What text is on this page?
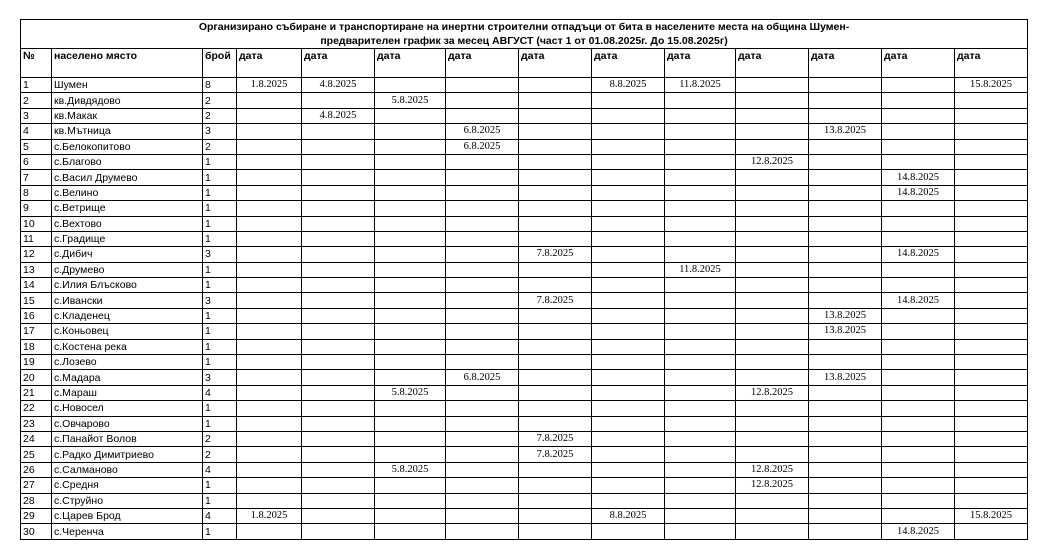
Организирано събиране и транспортиране на инертни строителни отпадъци от бита в населените места на община Шумен-
предварителен график за месец АВГУСТ (част 1 от 01.08.2025г. До 15.08.2025г)													
№	населено място	брой	дата	дата	дата	дата	дата	дата	дата	дата	дата	дата	дата
1	Шумен	8	1.8.2025	4.8.2025				8.8.2025	11.8.2025				15.8.2025
2	кв.Дивдядово	2			5.8.2025								
3	кв.Макак	2		4.8.2025									
4	кв.Мътница	3				6.8.2025					13.8.2025		
5	с.Белокопитово	2				6.8.2025							
6	с.Благово	1								12.8.2025			
7	с.Васил Друмево	1										14.8.2025	
8	с.Велино	1										14.8.2025	
9	с.Ветрище	1											
10	с.Вехтово	1											
11	с.Градище	1											
12	с.Дибич	3					7.8.2025					14.8.2025	
13	с.Друмево	1							11.8.2025				
14	с.Илия Блъсково	1											
15	с.Ивански	3					7.8.2025					14.8.2025	
16	с.Кладенец	1									13.8.2025		
17	с.Коньовец	1									13.8.2025		
18	с.Костена река	1											
19	с.Лозево	1											
20	с.Мадара	3				6.8.2025					13.8.2025		
21	с.Мараш	4			5.8.2025					12.8.2025			
22	с.Новосел	1											
23	с.Овчарово	1											
24	с.Панайот Волов	2					7.8.2025						
25	с.Радко Димитриево	2					7.8.2025						
26	с.Салманово	4			5.8.2025					12.8.2025			
27	с.Средня	1								12.8.2025			
28	с.Струйно	1											
29	с.Царев Брод	4	1.8.2025					8.8.2025					15.8.2025
30	с.Черенча	1										14.8.2025	
